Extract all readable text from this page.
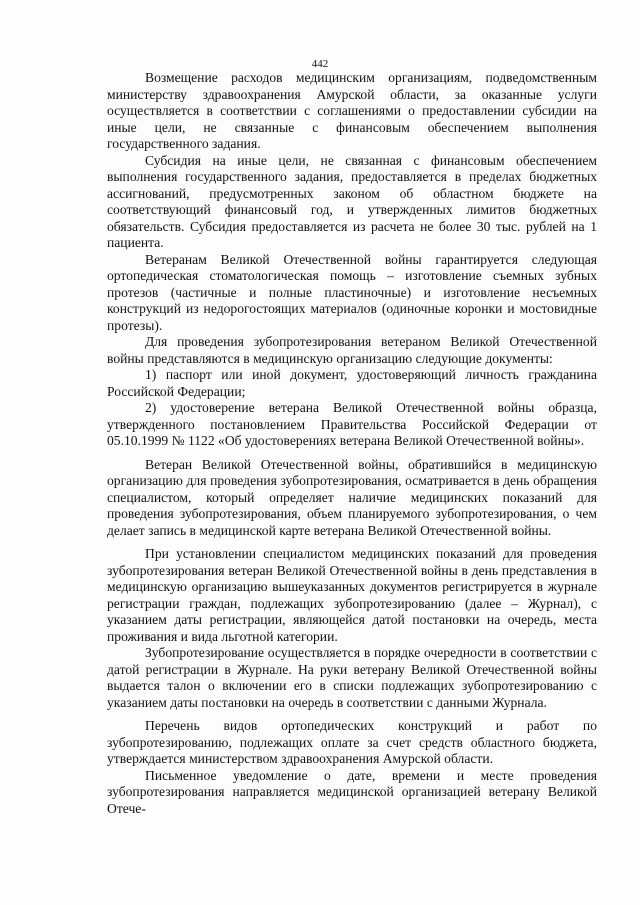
442

Возмещение расходов медицинским организациям, подведомственным министерству здравоохранения Амурской области, за оказанные услуги осуществляется в соответствии с соглашениями о предоставлении субсидии на иные цели, не связанные с финансовым обеспечением выполнения государственного задания.

Субсидия на иные цели, не связанная с финансовым обеспечением выполнения государственного задания, предоставляется в пределах бюджетных ассигнований, предусмотренных законом об областном бюджете на соответствующий финансовый год, и утвержденных лимитов бюджетных обязательств. Субсидия предоставляется из расчета не более 30 тыс. рублей на 1 пациента.

Ветеранам Великой Отечественной войны гарантируется следующая ортопедическая стоматологическая помощь – изготовление съемных зубных протезов (частичные и полные пластиночные) и изготовление несъемных конструкций из недорогостоящих материалов (одиночные коронки и мостовидные протезы).

Для проведения зубопротезирования ветераном Великой Отечественной войны представляются в медицинскую организацию следующие документы:

1) паспорт или иной документ, удостоверяющий личность гражданина Российской Федерации;

2) удостоверение ветерана Великой Отечественной войны образца, утвержденного постановлением Правительства Российской Федерации от 05.10.1999 № 1122 «Об удостоверениях ветерана Великой Отечественной войны».

Ветеран Великой Отечественной войны, обратившийся в медицинскую организацию для проведения зубопротезирования, осматривается в день обращения специалистом, который определяет наличие медицинских показаний для проведения зубопротезирования, объем планируемого зубопротезирования, о чем делает запись в медицинской карте ветерана Великой Отечественной войны.

При установлении специалистом медицинских показаний для проведения зубопротезирования ветеран Великой Отечественной войны в день представления в медицинскую организацию вышеуказанных документов регистрируется в журнале регистрации граждан, подлежащих зубопротезированию (далее – Журнал), с указанием даты регистрации, являющейся датой постановки на очередь, места проживания и вида льготной категории.

Зубопротезирование осуществляется в порядке очередности в соответствии с датой регистрации в Журнале. На руки ветерану Великой Отечественной войны выдается талон о включении его в списки подлежащих зубопротезированию с указанием даты постановки на очередь в соответствии с данными Журнала.

Перечень видов ортопедических конструкций и работ по зубопротезированию, подлежащих оплате за счет средств областного бюджета, утверждается министерством здравоохранения Амурской области.

Письменное уведомление о дате, времени и месте проведения зубопротезирования направляется медицинской организацией ветерану Великой Отече-
